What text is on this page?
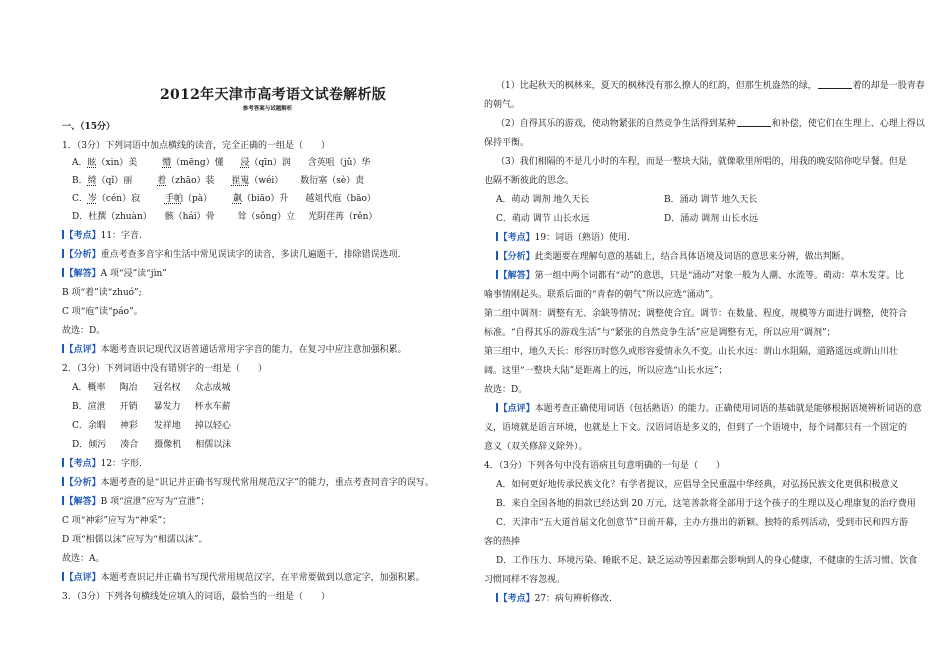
2012年天津市高考语文试卷解析版
参考答案与试题解析
一、（15分）
1．（3分）下列词语中加点横线的读音，完全正确的一组是（　　）
A．眩（xin）美	懵（mēng）懂 浸（qīn）润 含英咀（jǔ）华
B．绮（qǐ）丽	着（zhāo）装 崔嵬（wéi） 数衍塞（sè）责
C．岑（cén）寂	手帕（pà） 飙（biāo）升 越俎代庖（bāo）
D．杜撰（zhuàn） 骸（hái）骨	耸（sǒng）立 光阴荏苒（rěn）
【考点】11：字音.
【分析】重点考查多音字和生活中常见误读字的读音，多读几遍题干，排除错误选项.
【解答】A 项“浸”读“jìn”
B 项“着”读“zhuó”;
C 项“庖”读“páo”。
故选：D。
【点评】本题考查识记现代汉语普通话常用字字音的能力，在复习中应注意加强积累。
2．（3分）下列词语中没有错别字的一组是（　　）
A．概率 陶冶 冠名权 众志成城
B．渲泄 开销 暴发力 杯水车薪
C．余暇 神彩 发祥地 掉以轻心
D．倾污 凑合 摄像机 相儒以沫
【考点】12：字形.
【分析】本题考查的是“识记并正确书写现代常用规范汉字”的能力，重点考查同音字的误写。
【解答】B 项“渲泄”应写为“宣泄”；
C 项“神彩”应写为“神采”；
D 项“相儒以沫”应写为“相濡以沫”。
故选：A。
【点评】本题考查识记并正确书写现代常用规范汉字，在平常要做到以意定字，加强积累。
3．（3分）下列各句横线处应填入的词语，最恰当的一组是（　　）
（1）比起秋天的枫林来，夏天的枫林没有那么撩人的红韵，但那生机盎然的绿，	着的却是一股青春
的朝气。
（2）自得其乐的游戏，使动物紧张的自然竞争生活得到某种	和补偿，使它们在生理上、心理上得以
保持平衡。
（3）我们相隔的不是几小时的车程，而是一整块大陆，就像歌里所唱的，用我的晚安陪你吃早餐。但是
也隔不断彼此的思念。
A．萌动 调剂 地久天长	B．涌动 调节 地久天长
C．萌动 调节 山长水远	D．涌动 调剂 山长水远
【考点】19：词语（熟语）使用.
【分析】此类题要在理解句意的基础上，结合具体语境及词语的意思来分辨，做出判断。
【解答】第一组中两个词都有“动”的意思，只是“涌动”对象一般为人潮、水流等。萌动：草木发芽。比
喻事情刚起头。联系后面的“青春的朝气”所以应选“涌动”。
第二组中调剂：调整有无、余缺等情况；调整使合宜。调节：在数量、程度、规模等方面进行调整，使符合
标准。“自得其乐的游戏生活”与“紧张的自然竞争生活”应是调整有无，所以应用“调剂”；
第三组中，地久天长：形容历时悠久或形容爱情永久不变。山长水远：谓山水阻隔，道路遥远或谓山川壮
阔。这里“一整块大陆”是距离上的远，所以应选“山长水远”；
故选：D。
【点评】本题考查正确使用词语（包括熟语）的能力。正确使用词语的基础就是能够根据语境辨析词语的意
义，语境就是语言环境，也就是上下文。汉语词语是多义的，但到了一个语境中，每个词都只有一个固定的
意义（双关修辞义除外）。
4．（3分）下列各句中没有语病且句意明确的一句是（　　）
A．如何更好地传承民族文化？有学者提议，应倡导全民重温中华经典，对弘扬民族文化更俱积极意义
B．来自全国各地的捐款已经达到 20 万元，这笔善款将全部用于这个孩子的生理以及心理康复的治疗费用
C．天津市“五大道首届文化创意节”日前开幕，主办方推出的新颖、独特的系列活动，受到市民和四方游
客的热捧
D．工作压力、环境污染、睡眠不足、缺乏运动等因素都会影响到人的身心健康，不健康的生活习惯、饮食
习惯同样不容忽视。
【考点】27：病句辨析修改.
